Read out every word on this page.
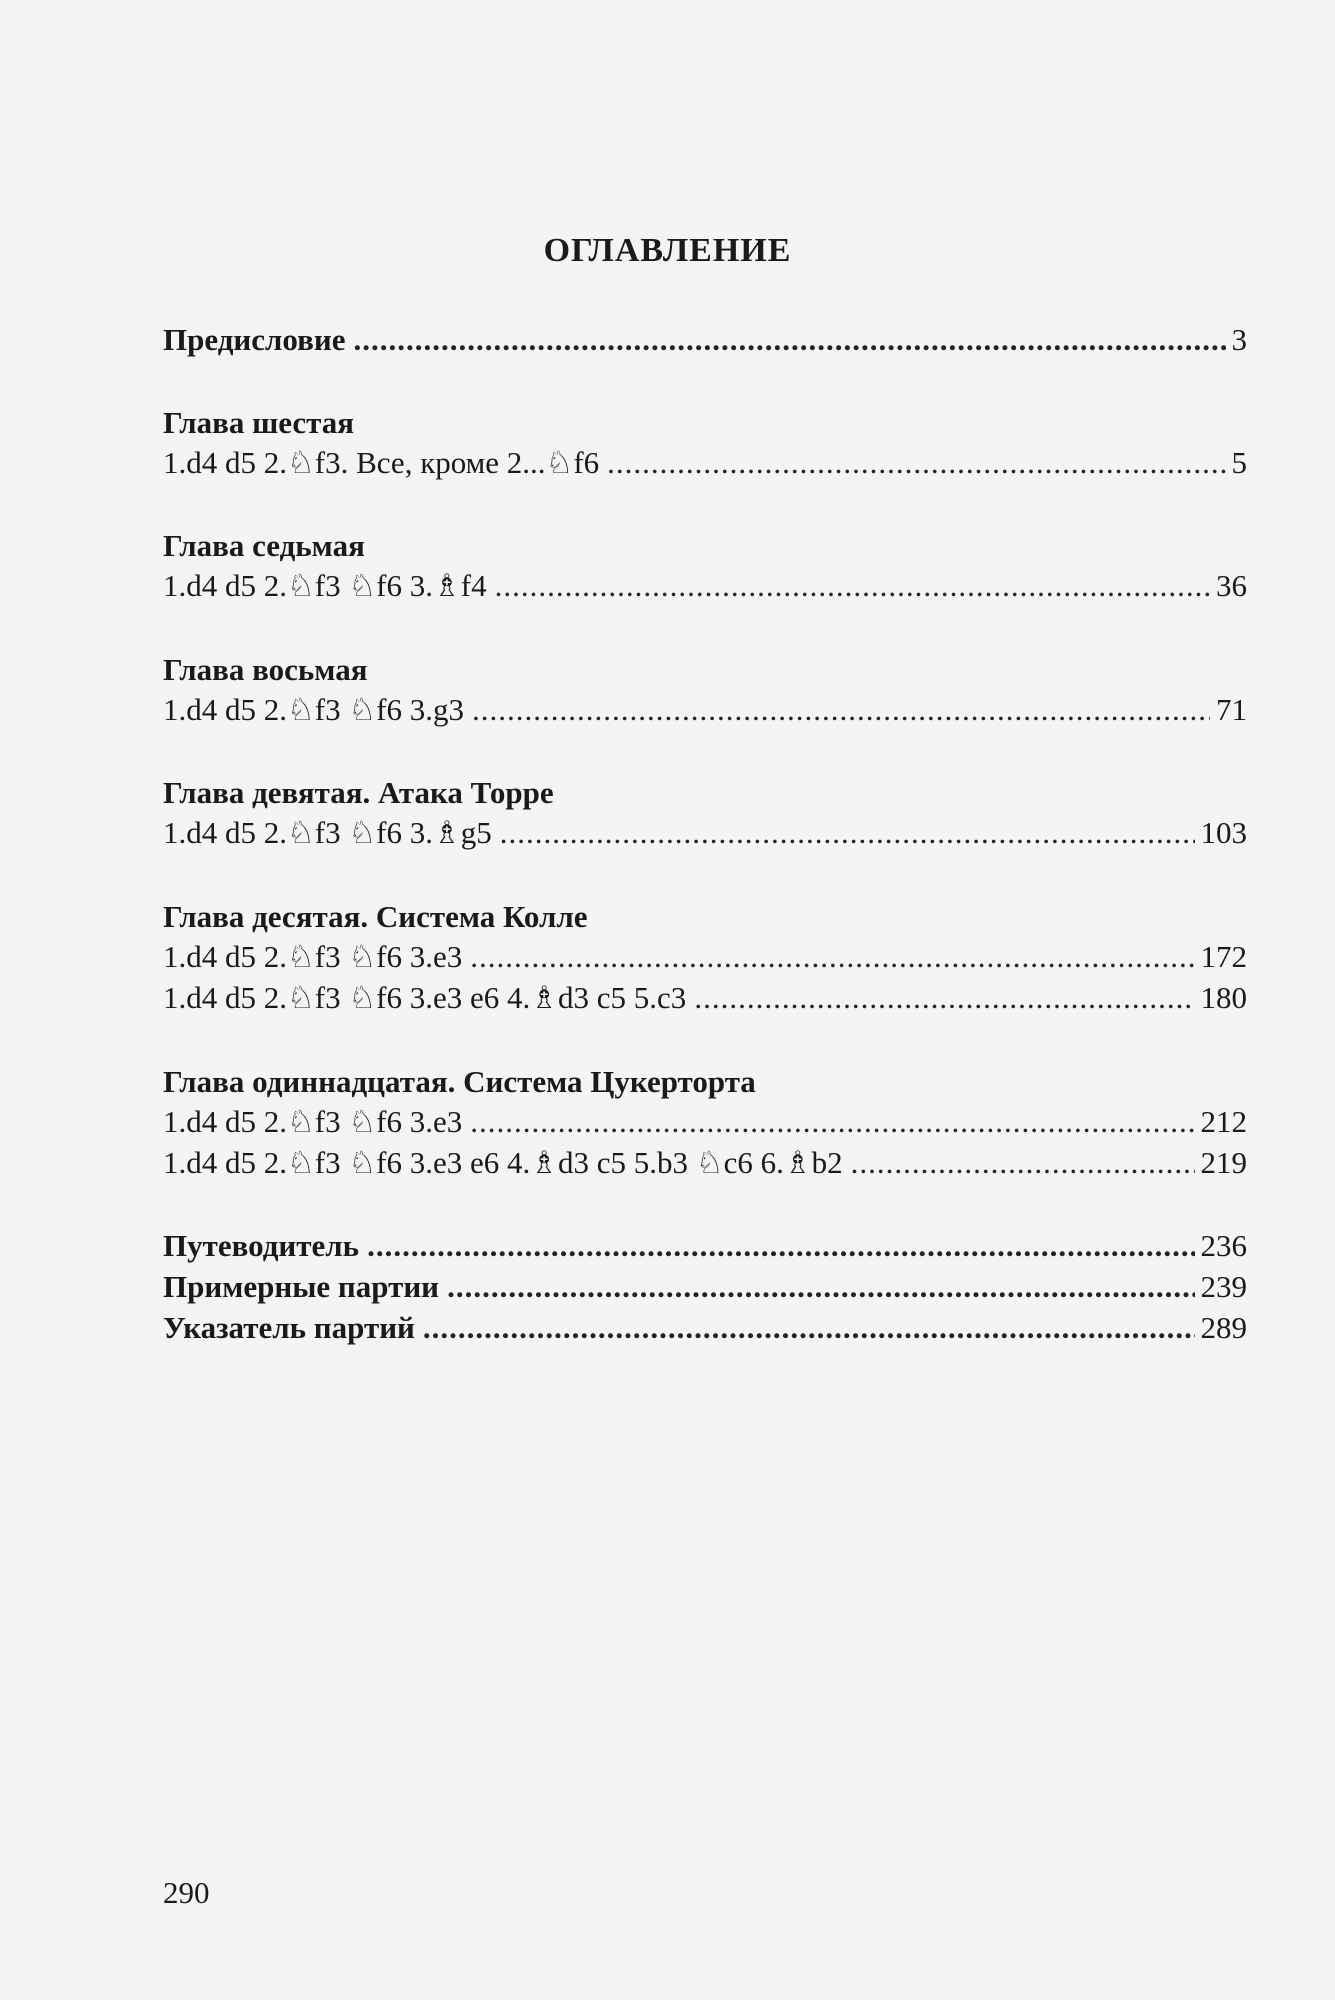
ОГЛАВЛЕНИЕ
Предисловие .....	3
Глава шестая
1.d4 d5 2.♘f3. Все, кроме 2...♘f6 .....	5
Глава седьмая
1.d4 d5 2.♘f3 ♘f6 3.♗f4 .....	36
Глава восьмая
1.d4 d5 2.♘f3 ♘f6 3.g3 .....	71
Глава девятая. Атака Торре
1.d4 d5 2.♘f3 ♘f6 3.♗g5 .....	103
Глава десятая. Система Колле
1.d4 d5 2.♘f3 ♘f6 3.e3 .....	172
1.d4 d5 2.♘f3 ♘f6 3.e3 e6 4.♗d3 c5 5.c3 .....	180
Глава одиннадцатая. Система Цукерторта
1.d4 d5 2.♘f3 ♘f6 3.e3 .....	212
1.d4 d5 2.♘f3 ♘f6 3.e3 e6 4.♗d3 c5 5.b3 ♘c6 6.♗b2 .....	219
Путеводитель .....	236
Примерные партии .....	239
Указатель партий .....	289
290
